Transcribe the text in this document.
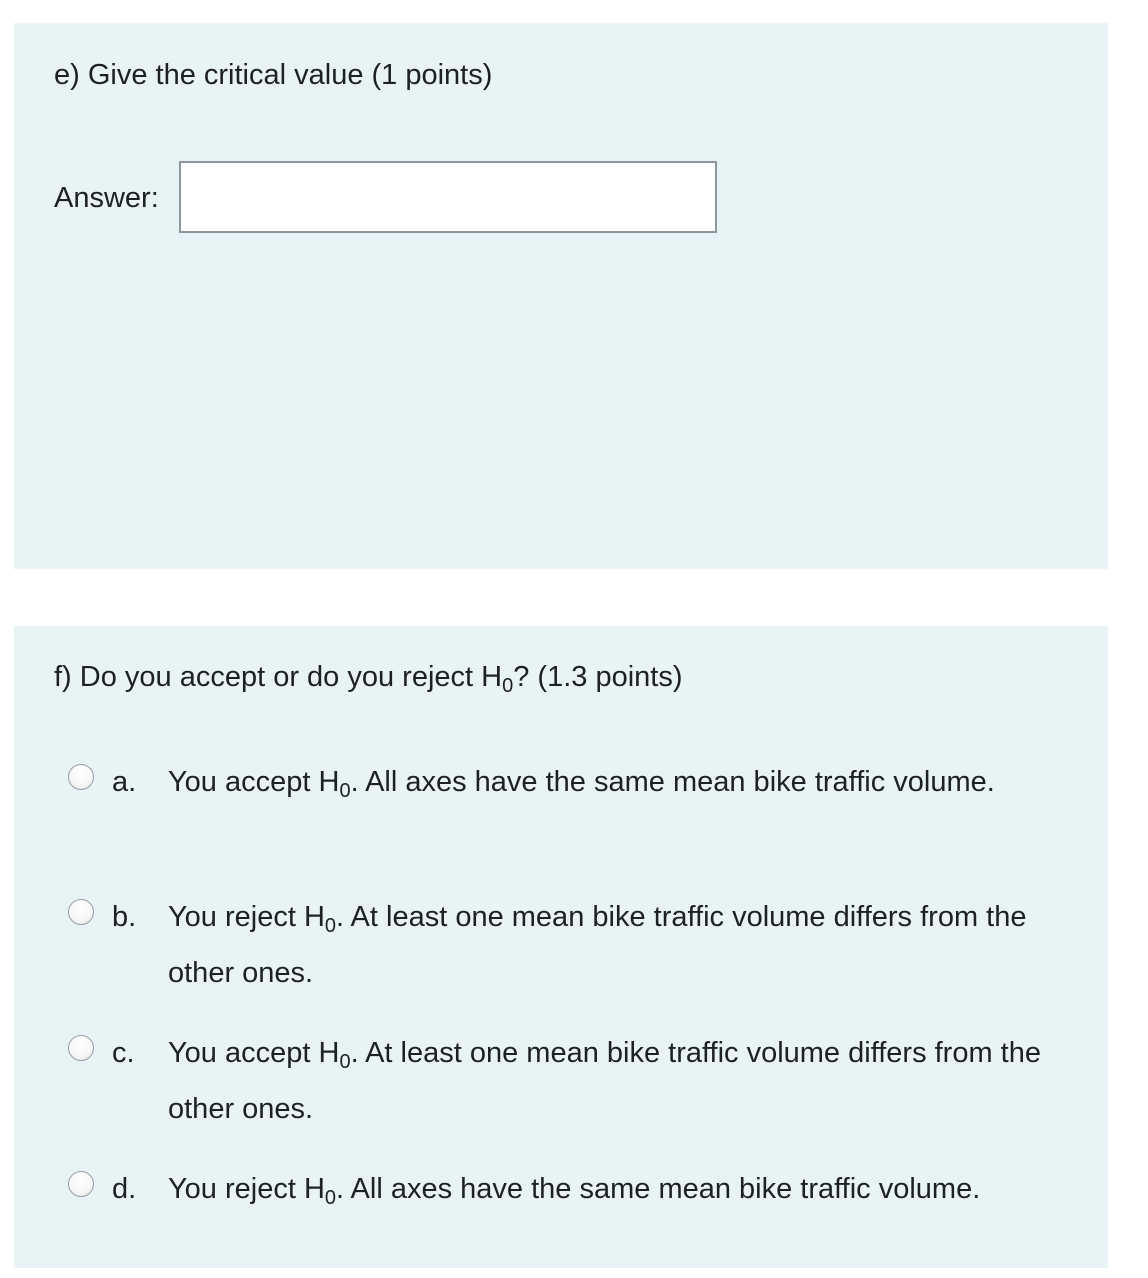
e) Give the critical value (1 points)
Answer:
f) Do you accept or do you reject $H_0$? (1.3 points)
a. You accept $H_0$. All axes have the same mean bike traffic volume.
b. You reject $H_0$. At least one mean bike traffic volume differs from the other ones.
c. You accept $H_0$. At least one mean bike traffic volume differs from the other ones.
d. You reject $H_0$. All axes have the same mean bike traffic volume.
